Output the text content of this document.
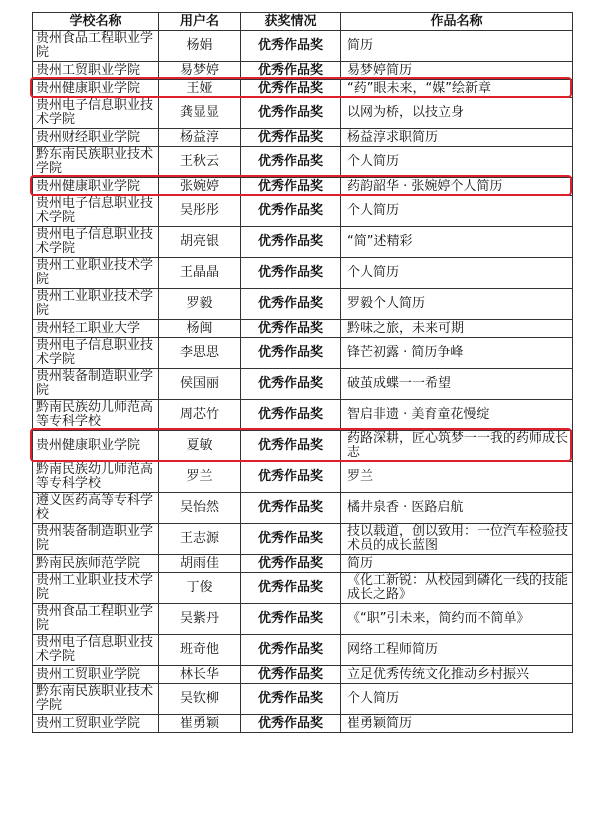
学校名称	用户名	获奖情况	作品名称
贵州食品工程职业学院	杨娟	优秀作品奖	简历
贵州工贸职业学院	易梦婷	优秀作品奖	易梦婷简历
贵州健康职业学院	王娅	优秀作品奖	“药”眼未来，“媒”绘新章
贵州电子信息职业技术学院	龚显显	优秀作品奖	以网为桥，以技立身
贵州财经职业学院	杨益淳	优秀作品奖	杨益淳求职简历
黔东南民族职业技术学院	王秋云	优秀作品奖	个人简历
贵州健康职业学院	张婉婷	优秀作品奖	药韵韶华 · 张婉婷个人简历
贵州电子信息职业技术学院	吴彤彤	优秀作品奖	个人简历
贵州电子信息职业技术学院	胡亮银	优秀作品奖	“简”述精彩
贵州工业职业技术学院	王晶晶	优秀作品奖	个人简历
贵州工业职业技术学院	罗毅	优秀作品奖	罗毅个人简历
贵州轻工职业大学	杨闽	优秀作品奖	黔味之旅，未来可期
贵州电子信息职业技术学院	李思思	优秀作品奖	锋芒初露 · 简历争峰
贵州装备制造职业学院	侯国丽	优秀作品奖	破茧成蝶一一希望
黔南民族幼儿师范高等专科学校	周芯竹	优秀作品奖	智启非遗 · 美育童花慢绽
贵州健康职业学院	夏敏	优秀作品奖	药路深耕，匠心筑梦一一我的药师成长志
黔南民族幼儿师范高等专科学校	罗兰	优秀作品奖	罗兰
遵义医药高等专科学校	吴怡然	优秀作品奖	橘井泉香 · 医路启航
贵州装备制造职业学院	王志源	优秀作品奖	技以载道，创以致用：一位汽车检验技术员的成长蓝图
黔南民族师范学院	胡雨佳	优秀作品奖	简历
贵州工业职业技术学院	丁俊	优秀作品奖	《化工新锐：从校园到磷化一线的技能成长之路》
贵州食品工程职业学院	吴紫丹	优秀作品奖	《“职”引未来，简约而不简单》
贵州电子信息职业技术学院	班奇他	优秀作品奖	网络工程师简历
贵州工贸职业学院	林长华	优秀作品奖	立足优秀传统文化推动乡村振兴
黔东南民族职业技术学院	吴钦柳	优秀作品奖	个人简历
贵州工贸职业学院	崔勇颖	优秀作品奖	崔勇颖简历
